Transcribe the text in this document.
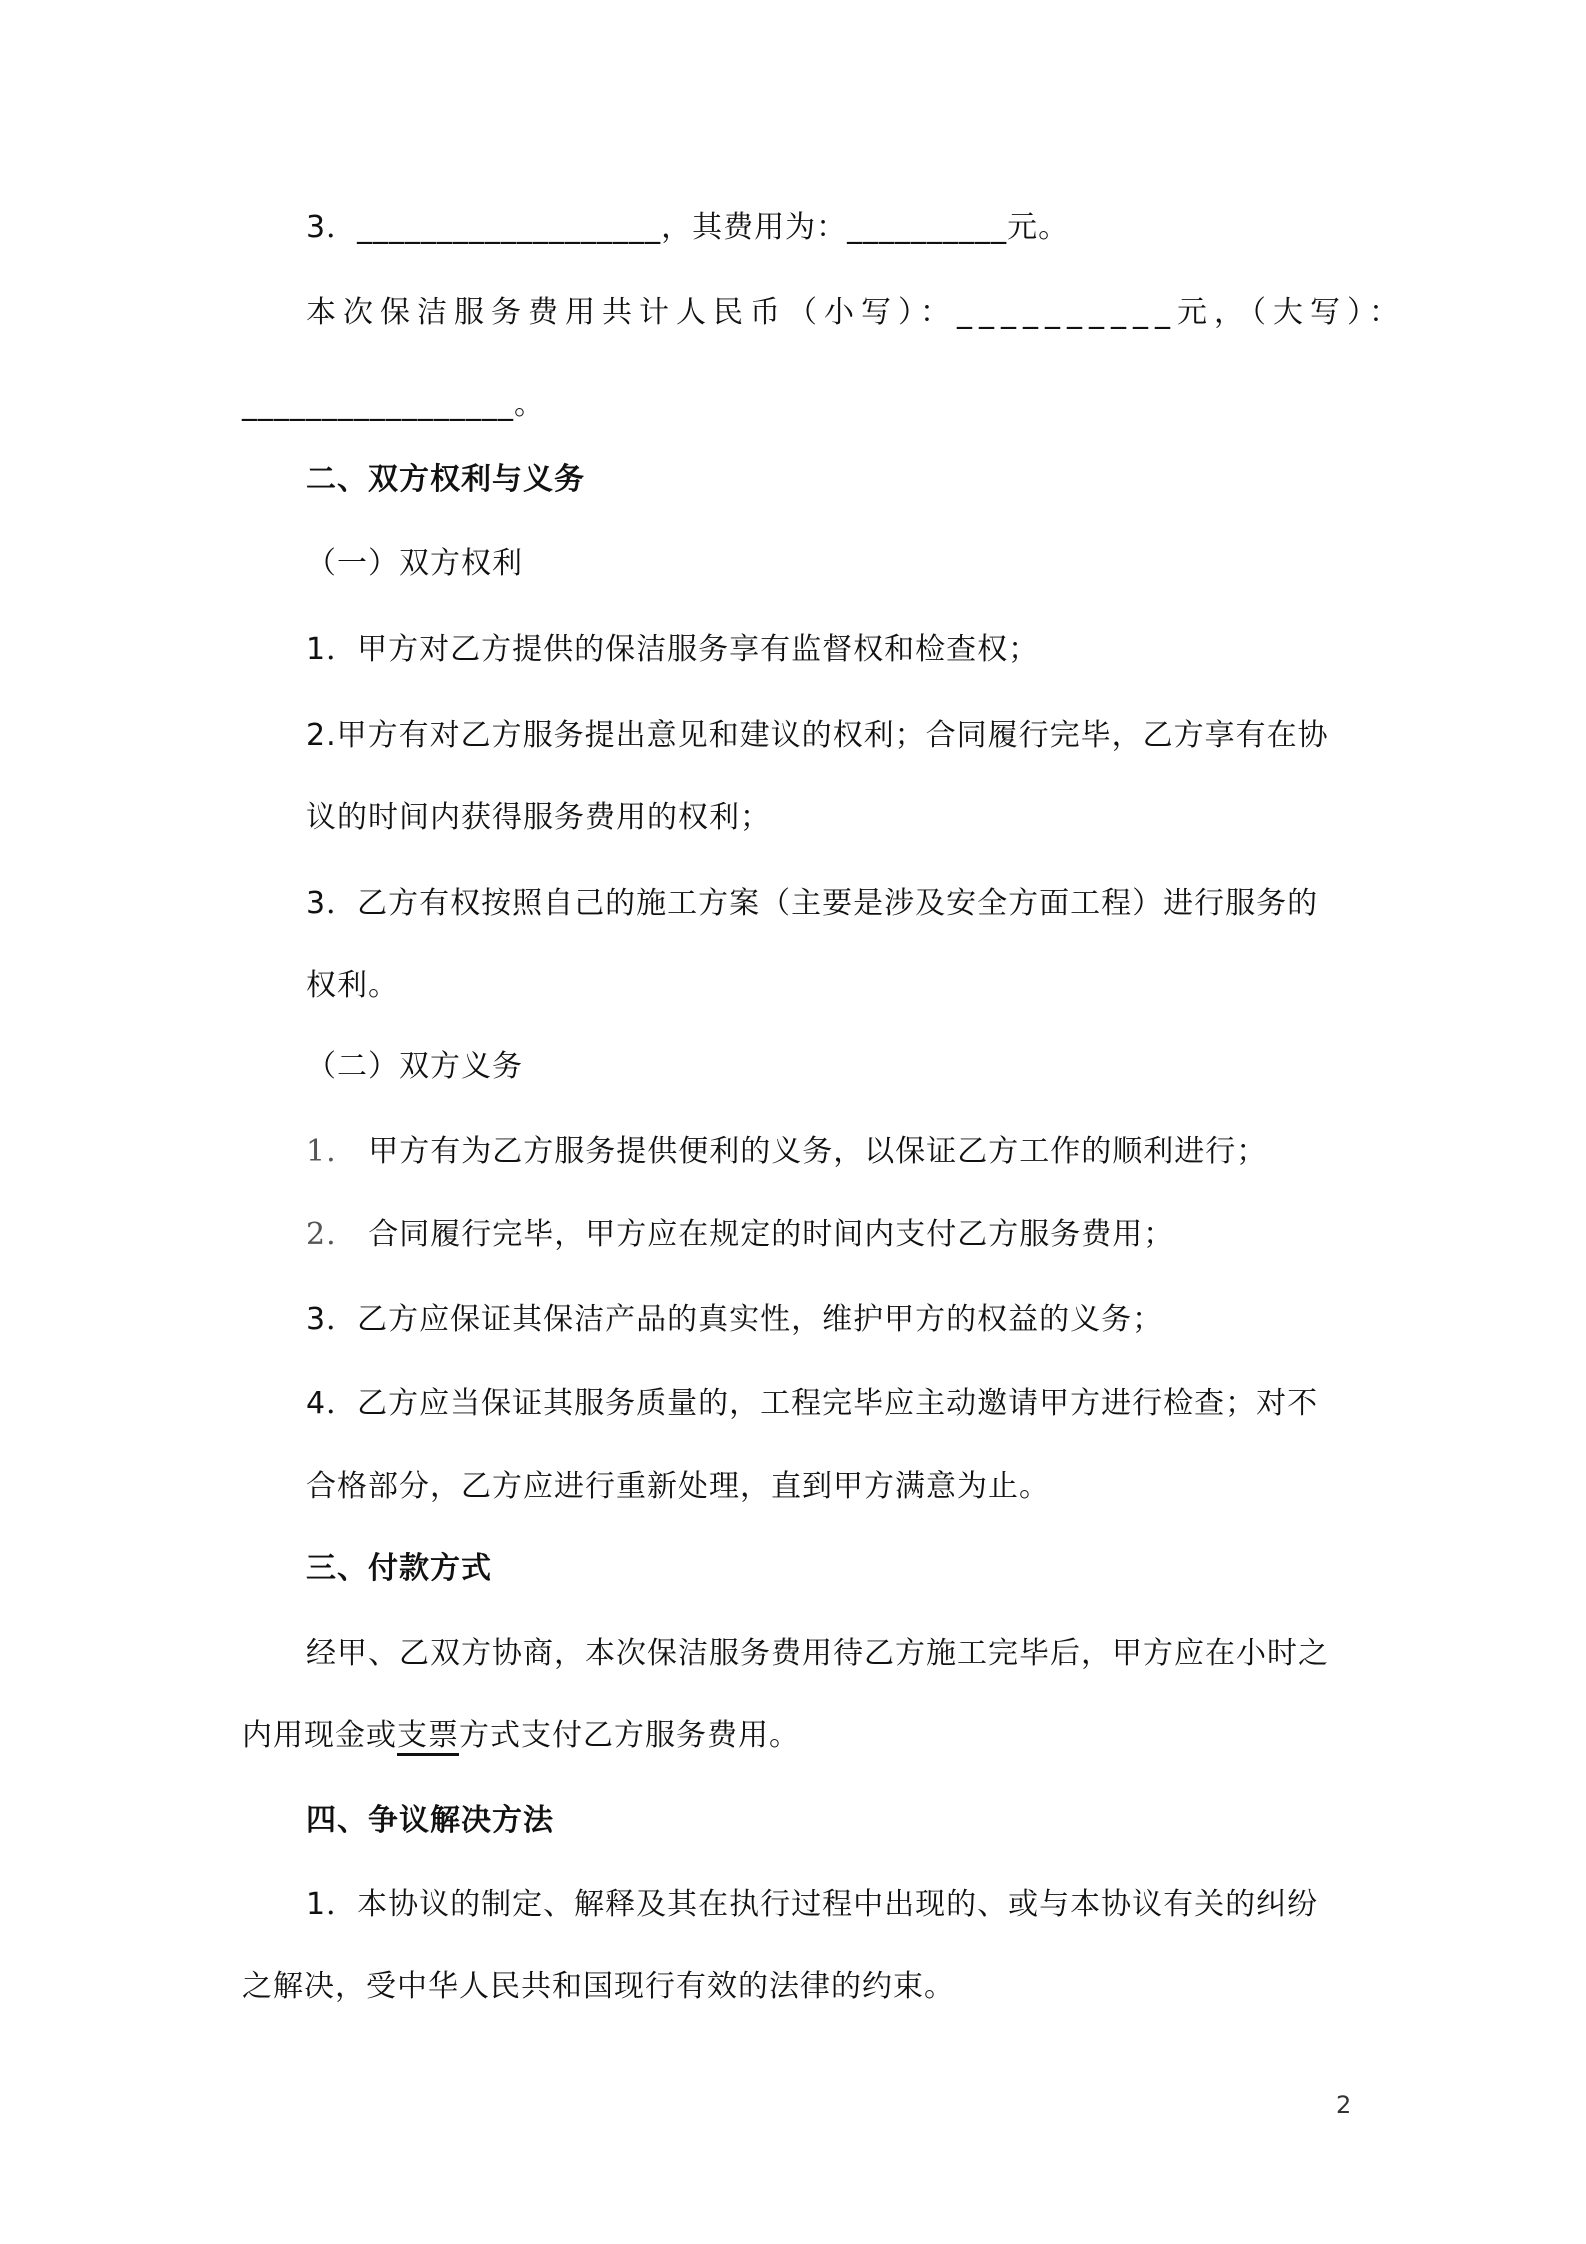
3．___________________，其费用为：__________元。
本次保洁服务费用共计人民币（小写）：__________元，（大写）：
_________________。
二、双方权利与义务
（一）双方权利
1．甲方对乙方提供的保洁服务享有监督权和检查权；
2.甲方有对乙方服务提出意见和建议的权利；合同履行完毕，乙方享有在协
议的时间内获得服务费用的权利；
3．乙方有权按照自己的施工方案（主要是涉及安全方面工程）进行服务的
权利。
（二）双方义务
1. 甲方有为乙方服务提供便利的义务，以保证乙方工作的顺利进行；
2. 合同履行完毕，甲方应在规定的时间内支付乙方服务费用；
3．乙方应保证其保洁产品的真实性，维护甲方的权益的义务；
4．乙方应当保证其服务质量的，工程完毕应主动邀请甲方进行检查；对不
合格部分，乙方应进行重新处理，直到甲方满意为止。
三、付款方式
经甲、乙双方协商，本次保洁服务费用待乙方施工完毕后，甲方应在小时之
内用现金或支票方式支付乙方服务费用。
四、争议解决方法
1．本协议的制定、解释及其在执行过程中出现的、或与本协议有关的纠纷
之解决，受中华人民共和国现行有效的法律的约束。
2
